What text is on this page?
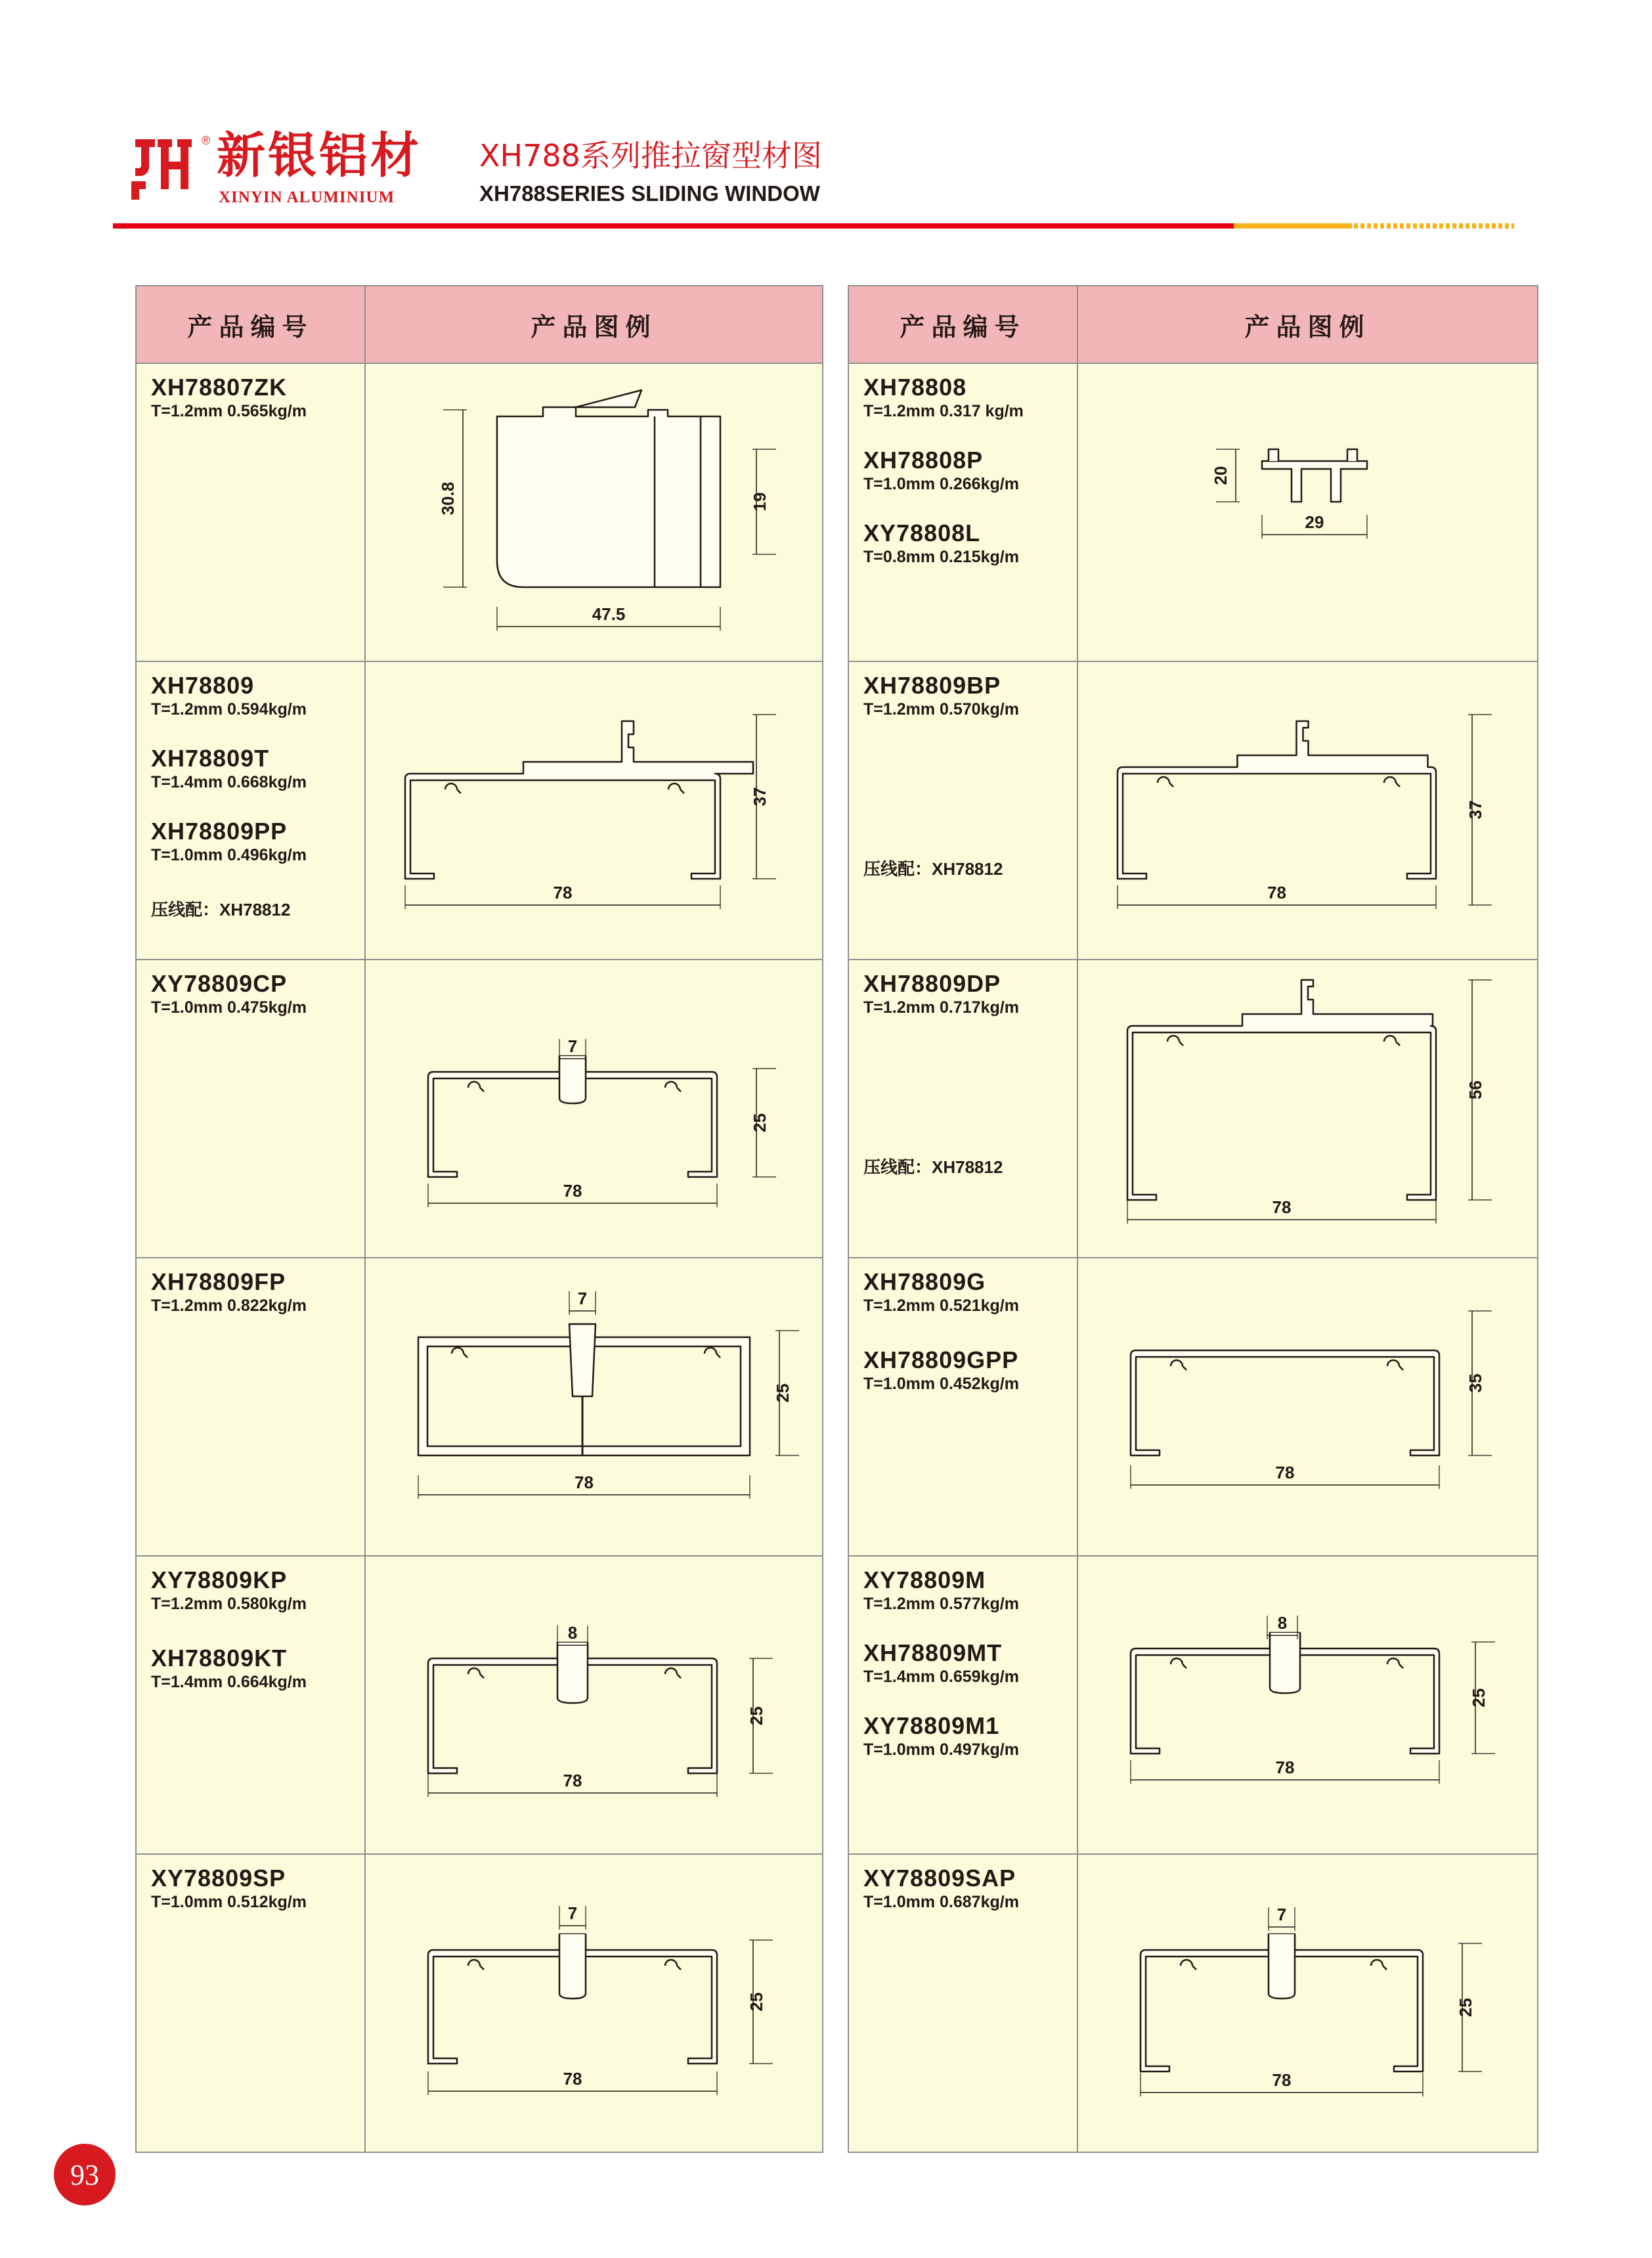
® 新银铝材
XINYIN ALUMINIUM
XH788系列推拉窗型材图
XH788SERIES SLIDING WINDOW
产品编号	产品图例

XH78807ZK

T=1.2mm 0.565kg/m

30.8	19
47.5

XH78809

T=1.2mm 0.594kg/m

XH78809T

T=1.4mm 0.668kg/m

XH78809PP

T=1.0mm 0.496kg/m

压线配：XH78812

37
78

XY78809CP

T=1.0mm 0.475kg/m

25
78
7

XH78809FP

T=1.2mm 0.822kg/m

25
78
7

XY78809KP

T=1.2mm 0.580kg/m

XH78809KT

T=1.4mm 0.664kg/m

25
78
8

XY78809SP

T=1.0mm 0.512kg/m

25
78
7
产品编号	产品图例

XH78808

T=1.2mm 0.317 kg/m

XH78808P

T=1.0mm 0.266kg/m

XY78808L

T=0.8mm 0.215kg/m

20
29

XH78809BP

T=1.2mm 0.570kg/m

压线配：XH78812

37
78

XH78809DP

T=1.2mm 0.717kg/m

压线配：XH78812

56
78

XH78809G

T=1.2mm 0.521kg/m

XH78809GPP

T=1.0mm 0.452kg/m	35
78

XY78809M

T=1.2mm 0.577kg/m

XH78809MT

T=1.4mm 0.659kg/m

XY78809M1

T=1.0mm 0.497kg/m

25
78
8

XY78809SAP

T=1.0mm 0.687kg/m

25
78
7
93
